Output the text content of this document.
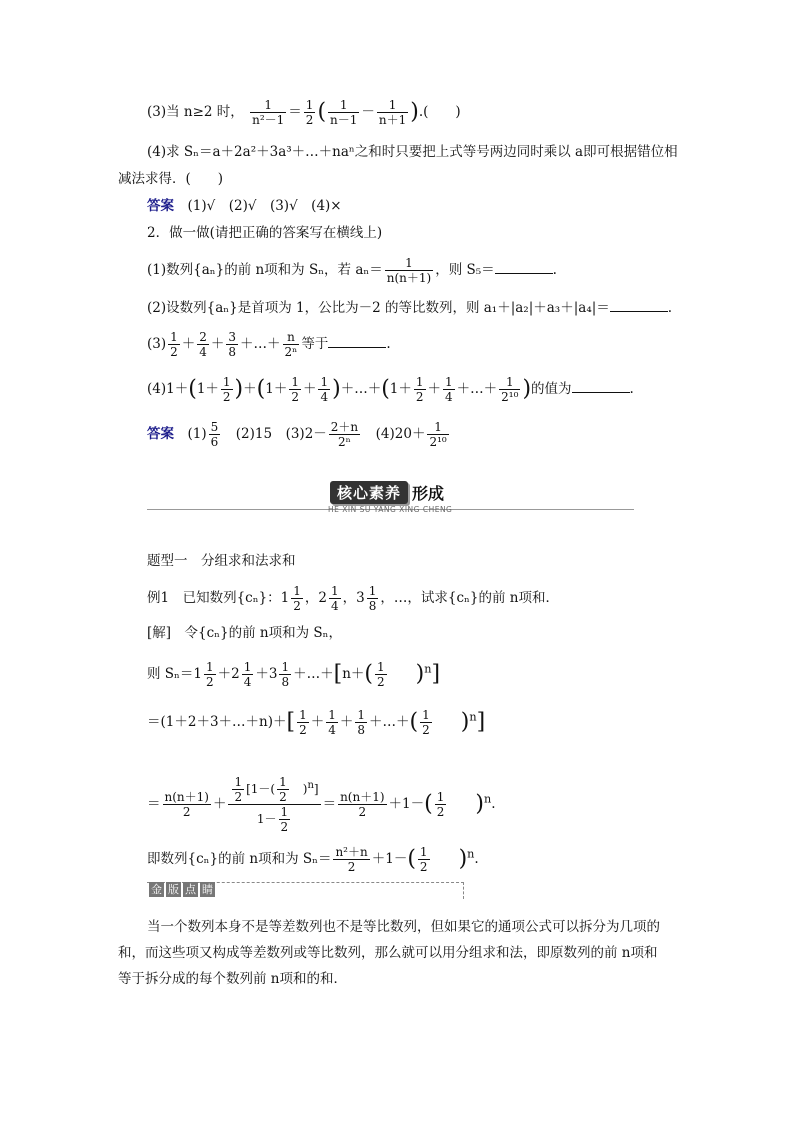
(3)当 n≥2 时， $\frac{1}{\text{n²－1}} = \frac{1}{2}$ ( $\frac{1}{n-1} - \frac{1}{n+1}$ ).(　　)
(4)求 Sₙ＝a＋2a²＋3a³＋…＋naⁿ之和时只要把上式等号两边同时乘以 a即可根据错位相
减法求得．(　　)
答案　 (1)√　(2)√　(3)√　(4)×
2．做一做(请把正确的答案写在横线上)
(1)数列{aₙ}的前 n项和为 Sₙ，若 $a_n= \frac{1}{n(n+1)}$ ，则 S₅＝	.
(2)设数列{aₙ}是首项为 1，公比为－2 的等比数列，则 a₁＋|a₂|＋a₃＋|a₄|＝	.
$(3) \frac{1}{2} + \frac{2}{4} + \frac{3}{8}$ ＋…＋ $\frac{n}{\text{2ⁿ}}$ 等于	.
$(4)1+(1+ \frac{1}{2} )+(1+ \frac{1}{2} + \frac{1}{4}$ )＋…＋(1＋ $\frac{1}{2} + \frac{1}{4}$ ＋…＋ $\frac{1}{\text{2¹⁰}}$ )的值为	.
答案　 $(1) \frac{5}{6}$
　 (2)15　$(3)2- \frac{2+n}{\text{2ⁿ}}$
　 $(4)20+ \frac{1}{\text{2¹⁰}}$
核心素养 形成
HE XIN SU YANG XING CHENG
题型一　分组求和法求和
例1　已知数列{cₙ}：$1 \frac{1}{2}$ ，$2 \frac{1}{4}$ ，$3 \frac{1}{8}$ ，…，试求{cₙ}的前 n项和．
[解]　令{cₙ}的前 n项和为 Sₙ，
则 $S_n=1 \frac{1}{2} +2 \frac{1}{4} +3 \frac{1}{8}$ ＋…＋[n＋( $\frac{1}{2}$
　　 )$^n$]
＝(1＋2＋3＋…＋n)＋[ $\frac{1}{2} + \frac{1}{4} + \frac{1}{8}$ ＋…＋( $\frac{1}{2}$
　　 )$^n$]
＝ $\frac{n(n+1)}{2} + \frac{\frac{1}{2} [1-( \frac{1}{2} )^n]}{1- \frac{1}{2}} = \frac{n(n+1)}{2} +1-( \frac{1}{2}$
　　 )$^n$.
即数列{cₙ}的前 n项和为 $S_n= \frac{\text{n²＋n}}{2} +1-( \frac{1}{2}$
　　 )$^n$.
金 版 点 睛
当一个数列本身不是等差数列也不是等比数列，但如果它的通项公式可以拆分为几项的
和，而这些项又构成等差数列或等比数列，那么就可以用分组求和法，即原数列的前 n项和
等于拆分成的每个数列前 n项和的和．
